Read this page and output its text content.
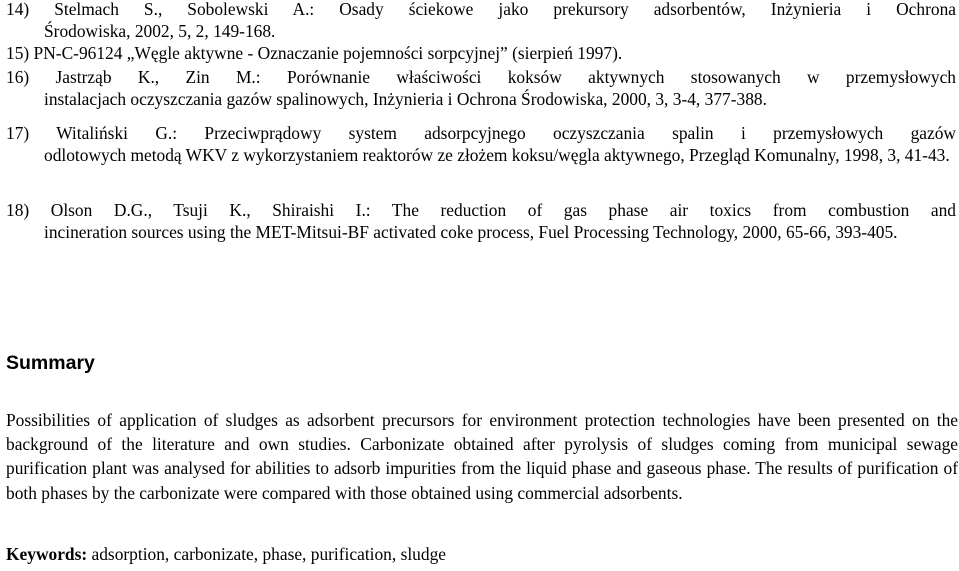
14) Stelmach S., Sobolewski A.: Osady ściekowe jako prekursory adsorbentów, Inżynieria i Ochrona
Środowiska, 2002, 5, 2, 149-168.
15) PN-C-96124 „Węgle aktywne - Oznaczanie pojemności sorpcyjnej” (sierpień 1997).
16) Jastrząb K., Zin M.: Porównanie właściwości koksów aktywnych stosowanych w przemysłowych
instalacjach oczyszczania gazów spalinowych, Inżynieria i Ochrona Środowiska, 2000, 3, 3-4, 377-388.
17) Witaliński G.: Przeciwprądowy system adsorpcyjnego oczyszczania spalin i przemysłowych gazów
odlotowych metodą WKV z wykorzystaniem reaktorów ze złożem koksu/węgla aktywnego, Przegląd Komunalny, 1998, 3, 41-43.
18) Olson D.G., Tsuji K., Shiraishi I.: The reduction of gas phase air toxics from combustion and
incineration sources using the MET-Mitsui-BF activated coke process, Fuel Processing Technology, 2000, 65-66, 393-405.
Summary
Possibilities of application of sludges as adsorbent precursors for environment protection technologies have been presented on the background of the literature and own studies. Carbonizate obtained after pyrolysis of sludges coming from municipal sewage purification plant was analysed for abilities to adsorb impurities from the liquid phase and gaseous phase. The results of purification of both phases by the carbonizate were compared with those obtained using commercial adsorbents.
Keywords: adsorption, carbonizate, phase, purification, sludge
